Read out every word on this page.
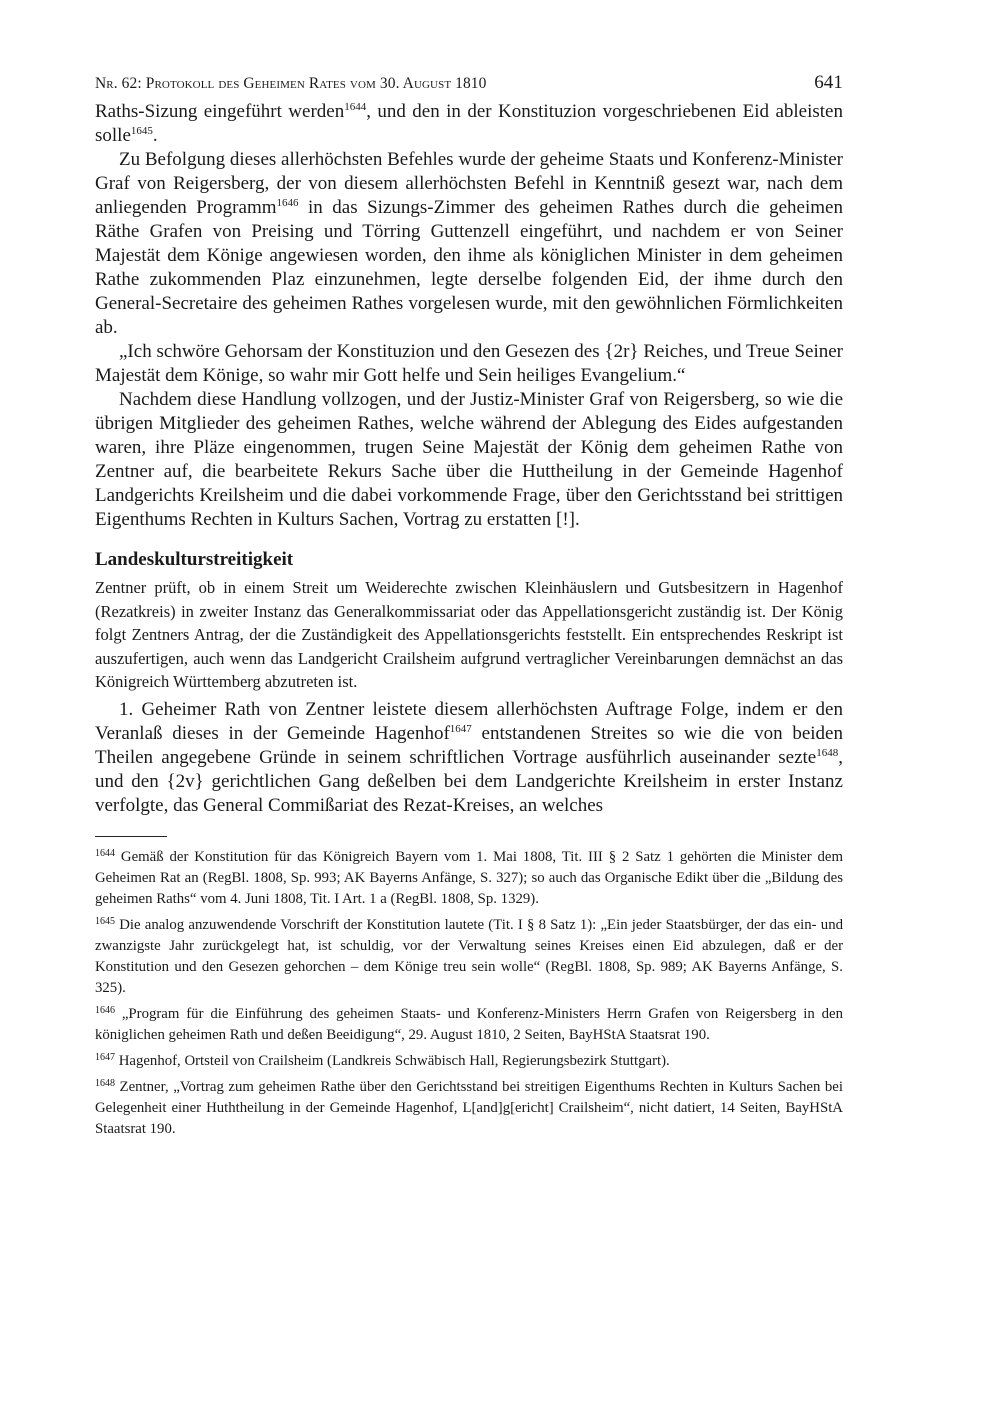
Nr. 62: Protokoll des Geheimen Rates vom 30. August 1810	641

Raths-Sizung eingeführt werden$^{1644}$, und den in der Konstituzion vorgeschriebenen Eid ableisten solle$^{1645}$.

Zu Befolgung dieses allerhöchsten Befehles wurde der geheime Staats und Konferenz-Minister Graf von Reigersberg, der von diesem allerhöchsten Befehl in Kenntniß gesezt war, nach dem anliegenden Programm$^{1646}$ in das Sizungs-Zimmer des geheimen Rathes durch die geheimen Räthe Grafen von Preising und Törring Guttenzell eingeführt, und nachdem er von Seiner Majestät dem Könige angewiesen worden, den ihme als königlichen Minister in dem geheimen Rathe zukommenden Plaz einzunehmen, legte derselbe folgenden Eid, der ihme durch den General-Secretaire des geheimen Rathes vorgelesen wurde, mit den gewöhnlichen Förmlichkeiten ab.

„Ich schwöre Gehorsam der Konstituzion und den Gesezen des {2r} Reiches, und Treue Seiner Majestät dem Könige, so wahr mir Gott helfe und Sein heiliges Evangelium.“

Nachdem diese Handlung vollzogen, und der Justiz-Minister Graf von Reigersberg, so wie die übrigen Mitglieder des geheimen Rathes, welche während der Ablegung des Eides aufgestanden waren, ihre Pläze eingenommen, trugen Seine Majestät der König dem geheimen Rathe von Zentner auf, die bearbeitete Rekurs Sache über die Huttheilung in der Gemeinde Hagenhof Landgerichts Kreilsheim und die dabei vorkommende Frage, über den Gerichtsstand bei strittigen Eigenthums Rechten in Kulturs Sachen, Vortrag zu erstatten [!].

Landeskulturstreitigkeit

Zentner prüft, ob in einem Streit um Weiderechte zwischen Kleinhäuslern und Gutsbesitzern in Hagenhof (Rezatkreis) in zweiter Instanz das Generalkommissariat oder das Appellationsgericht zuständig ist. Der König folgt Zentners Antrag, der die Zuständigkeit des Appellationsgerichts feststellt. Ein entsprechendes Reskript ist auszufertigen, auch wenn das Landgericht Crailsheim aufgrund vertraglicher Vereinbarungen demnächst an das Königreich Württemberg abzutreten ist.

1. Geheimer Rath von Zentner leistete diesem allerhöchsten Auftrage Folge, indem er den Veranlaß dieses in der Gemeinde Hagenhof$^{1647}$ entstandenen Streites so wie die von beiden Theilen angegebene Gründe in seinem schriftlichen Vortrage ausführlich auseinander sezte$^{1648}$, und den {2v} gerichtlichen Gang deßelben bei dem Landgerichte Kreilsheim in erster Instanz verfolgte, das General Commißariat des Rezat-Kreises, an welches

$^{1644}$ Gemäß der Konstitution für das Königreich Bayern vom 1. Mai 1808, Tit. III § 2 Satz 1 gehörten die Minister dem Geheimen Rat an (RegBl. 1808, Sp. 993; AK Bayerns Anfänge, S. 327); so auch das Organische Edikt über die „Bildung des geheimen Raths“ vom 4. Juni 1808, Tit. I Art. 1 a (RegBl. 1808, Sp. 1329).

$^{1645}$ Die analog anzuwendende Vorschrift der Konstitution lautete (Tit. I § 8 Satz 1): „Ein jeder Staatsbürger, der das ein- und zwanzigste Jahr zurückgelegt hat, ist schuldig, vor der Verwaltung seines Kreises einen Eid abzulegen, daß er der Konstitution und den Gesezen gehorchen – dem Könige treu sein wolle“ (RegBl. 1808, Sp. 989; AK Bayerns Anfänge, S. 325).

$^{1646}$ „Program für die Einführung des geheimen Staats- und Konferenz-Ministers Herrn Grafen von Reigersberg in den königlichen geheimen Rath und deßen Beeidigung“, 29. August 1810, 2 Seiten, BayHStA Staatsrat 190.

$^{1647}$ Hagenhof, Ortsteil von Crailsheim (Landkreis Schwäbisch Hall, Regierungsbezirk Stuttgart).

$^{1648}$ Zentner, „Vortrag zum geheimen Rathe über den Gerichtsstand bei streitigen Eigenthums Rechten in Kulturs Sachen bei Gelegenheit einer Huththeilung in der Gemeinde Hagenhof, L[and]g[ericht] Crailsheim“, nicht datiert, 14 Seiten, BayHStA Staatsrat 190.
